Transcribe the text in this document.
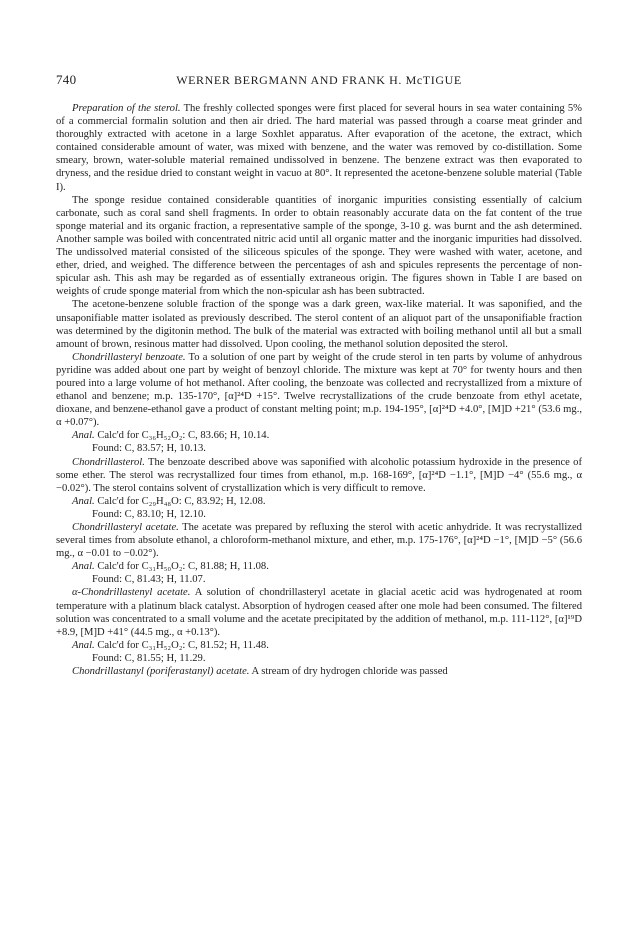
740	WERNER BERGMANN AND FRANK H. McTIGUE

Preparation of the sterol. The freshly collected sponges were first placed for several hours in sea water containing 5% of a commercial formalin solution and then air dried. The hard material was passed through a coarse meat grinder and thoroughly extracted with acetone in a large Soxhlet apparatus. After evaporation of the acetone, the extract, which contained considerable amount of water, was mixed with benzene, and the water was removed by co-distillation. Some smeary, brown, water-soluble material remained undissolved in benzene. The benzene extract was then evaporated to dryness, and the residue dried to constant weight in vacuo at 80°. It represented the acetone-benzene soluble material (Table I).

The sponge residue contained considerable quantities of inorganic impurities consisting essentially of calcium carbonate, such as coral sand shell fragments. In order to obtain reasonably accurate data on the fat content of the true sponge material and its organic fraction, a representative sample of the sponge, 3-10 g. was burnt and the ash determined. Another sample was boiled with concentrated nitric acid until all organic matter and the inorganic impurities had dissolved. The undissolved material consisted of the siliceous spicules of the sponge. They were washed with water, acetone, and ether, dried, and weighed. The difference between the percentages of ash and spicules represents the percentage of non-spicular ash. This ash may be regarded as of essentially extraneous origin. The figures shown in Table I are based on weights of crude sponge material from which the non-spicular ash has been subtracted.

The acetone-benzene soluble fraction of the sponge was a dark green, wax-like material. It was saponified, and the unsaponifiable matter isolated as previously described. The sterol content of an aliquot part of the unsaponifiable fraction was determined by the digitonin method. The bulk of the material was extracted with boiling methanol until all but a small amount of brown, resinous matter had dissolved. Upon cooling, the methanol solution deposited the sterol.

Chondrillasteryl benzoate. To a solution of one part by weight of the crude sterol in ten parts by volume of anhydrous pyridine was added about one part by weight of benzoyl chloride. The mixture was kept at 70° for twenty hours and then poured into a large volume of hot methanol. After cooling, the benzoate was collected and recrystallized from a mixture of ethanol and benzene; m.p. 135-170°, [α]²⁴D +15°. Twelve recrystallizations of the crude benzoate from ethyl acetate, dioxane, and benzene-ethanol gave a product of constant melting point; m.p. 194-195°, [α]²⁴D +4.0°, [M]D +21° (53.6 mg., α +0.07°).

Anal. Calc'd for C₃₆H₅₂O₂: C, 83.66; H, 10.14.

Found: C, 83.57; H, 10.13.

Chondrillasterol. The benzoate described above was saponified with alcoholic potassium hydroxide in the presence of some ether. The sterol was recrystallized four times from ethanol, m.p. 168-169°, [α]²⁴D −1.1°, [M]D −4° (55.6 mg., α −0.02°). The sterol contains solvent of crystallization which is very difficult to remove.

Anal. Calc'd for C₂₉H₄₈O: C, 83.92; H, 12.08.

Found: C, 83.10; H, 12.10.

Chondrillasteryl acetate. The acetate was prepared by refluxing the sterol with acetic anhydride. It was recrystallized several times from absolute ethanol, a chloroform-methanol mixture, and ether, m.p. 175-176°, [α]²⁴D −1°, [M]D −5° (56.6 mg., α −0.01 to −0.02°).

Anal. Calc'd for C₃₁H₅₀O₂: C, 81.88; H, 11.08.

Found: C, 81.43; H, 11.07.

α-Chondrillastenyl acetate. A solution of chondrillasteryl acetate in glacial acetic acid was hydrogenated at room temperature with a platinum black catalyst. Absorption of hydrogen ceased after one mole had been consumed. The filtered solution was concentrated to a small volume and the acetate precipitated by the addition of methanol, m.p. 111-112°, [α]¹⁹D +8.9, [M]D +41° (44.5 mg., α +0.13°).

Anal. Calc'd for C₃₁H₅₂O₂: C, 81.52; H, 11.48.

Found: C, 81.55; H, 11.29.

Chondrillastanyl (poriferastanyl) acetate. A stream of dry hydrogen chloride was passed
